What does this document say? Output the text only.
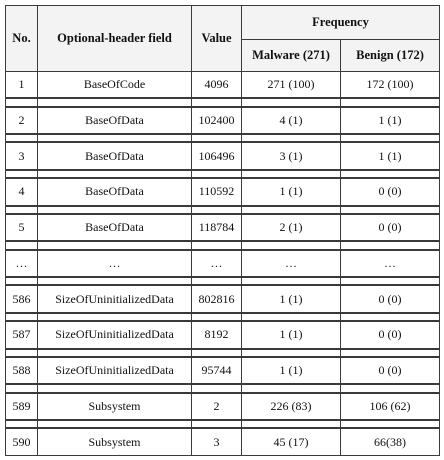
No.	Optional-header field	Value	Frequency	
			Malware (271)	Benign (172)
1	BaseOfCode	4096	271 (100)	172 (100)

2	BaseOfData	102400	4 (1)	1 (1)

3	BaseOfData	106496	3 (1)	1 (1)

4	BaseOfData	110592	1 (1)	0 (0)

5	BaseOfData	118784	2 (1)	0 (0)

…	…	…	…	…

586	SizeOfUninitializedData	802816	1 (1)	0 (0)

587	SizeOfUninitializedData	8192	1 (1)	0 (0)

588	SizeOfUninitializedData	95744	1 (1)	0 (0)

589	Subsystem	2	226 (83)	106 (62)

590	Subsystem	3	45 (17)	66(38)
